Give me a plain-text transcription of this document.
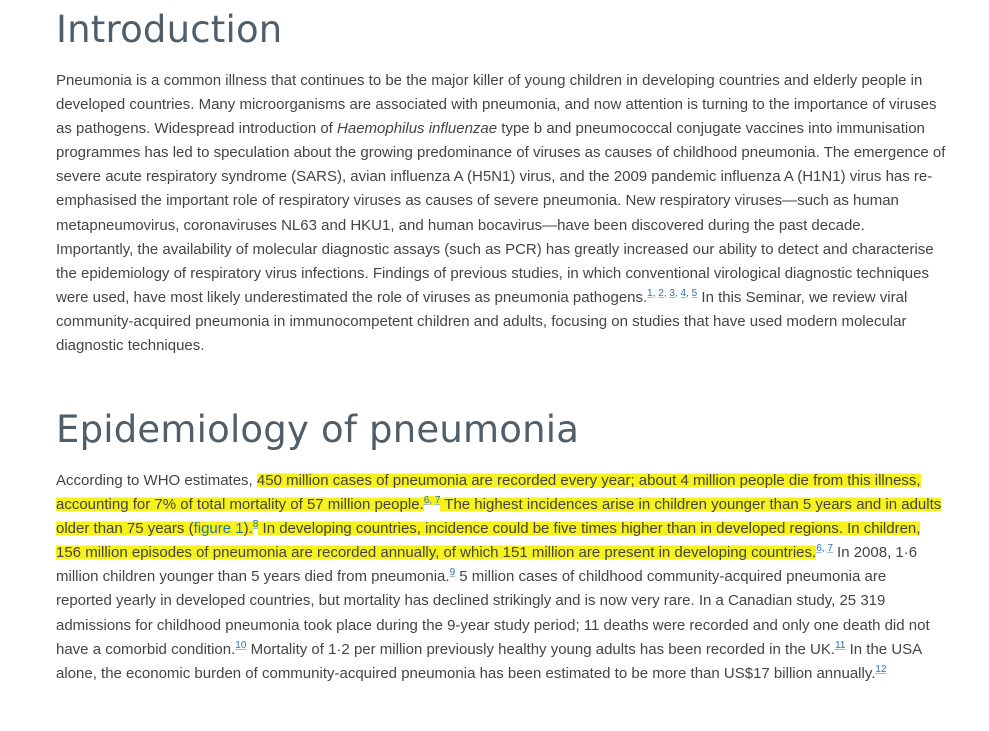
Introduction

Pneumonia is a common illness that continues to be the major killer of young children in developing countries and elderly people in developed countries. Many microorganisms are associated with pneumonia, and now attention is turning to the importance of viruses as pathogens. Widespread introduction of Haemophilus influenzae type b and pneumococcal conjugate vaccines into immunisation programmes has led to speculation about the growing predominance of viruses as causes of childhood pneumonia. The emergence of severe acute respiratory syndrome (SARS), avian influenza A (H5N1) virus, and the 2009 pandemic influenza A (H1N1) virus has re-emphasised the important role of respiratory viruses as causes of severe pneumonia. New respiratory viruses—such as human metapneumovirus, coronaviruses NL63 and HKU1, and human bocavirus—have been discovered during the past decade. Importantly, the availability of molecular diagnostic assays (such as PCR) has greatly increased our ability to detect and characterise the epidemiology of respiratory virus infections. Findings of previous studies, in which conventional virological diagnostic techniques were used, have most likely underestimated the role of viruses as pneumonia pathogens.$^{1, 2, 3, 4, 5}$ In this Seminar, we review viral community-acquired pneumonia in immunocompetent children and adults, focusing on studies that have used modern molecular diagnostic techniques.

Epidemiology of pneumonia

According to WHO estimates, 450 million cases of pneumonia are recorded every year; about 4 million people die from this illness, accounting for 7% of total mortality of 57 million people.$^{6, 7}$ The highest incidences arise in children younger than 5 years and in adults older than 75 years (figure 1).$^8$ In developing countries, incidence could be five times higher than in developed regions. In children, 156 million episodes of pneumonia are recorded annually, of which 151 million are present in developing countries.$^{6, 7}$ In 2008, 1·6 million children younger than 5 years died from pneumonia.$^9$ 5 million cases of childhood community-acquired pneumonia are reported yearly in developed countries, but mortality has declined strikingly and is now very rare. In a Canadian study, 25 319 admissions for childhood pneumonia took place during the 9-year study period; 11 deaths were recorded and only one death did not have a comorbid condition.$^{10}$ Mortality of 1·2 per million previously healthy young adults has been recorded in the UK.$^{11}$ In the USA alone, the economic burden of community-acquired pneumonia has been estimated to be more than US$17 billion annually.$^{12}$
